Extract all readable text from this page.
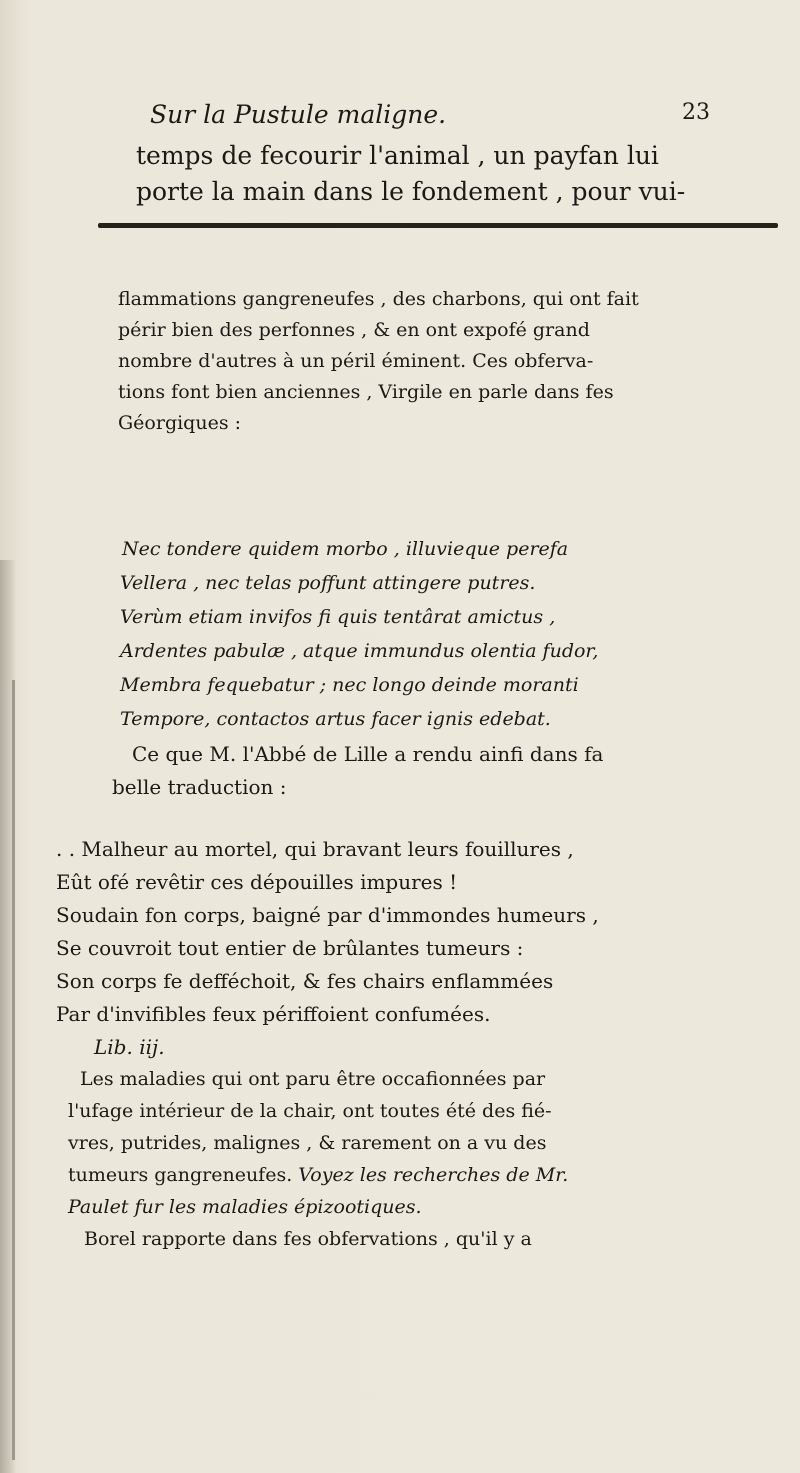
Sur la Pustule maligne.	23
temps de fecourir l'animal , un payfan lui
porte la main dans le fondement , pour vui-
flammations gangreneufes , des charbons, qui ont fait
périr bien des perfonnes , & en ont expofé grand
nombre d'autres à un péril éminent. Ces obferva-
tions font bien anciennes , Virgile en parle dans fes
Géorgiques :
Nec tondere quidem morbo , illuvieque perefa
Vellera , nec telas poffunt attingere putres.
Verùm etiam invifos fi quis tentârat amictus ,
Ardentes pabulæ , atque immundus olentia fudor,
Membra fequebatur ; nec longo deinde moranti
Tempore, contactos artus facer ignis edebat.
Ce que M. l'Abbé de Lille a rendu ainfi dans fa
belle traduction :
. . Malheur au mortel, qui bravant leurs fouillures ,
Eût ofé revêtir ces dépouilles impures !
Soudain fon corps, baigné par d'immondes humeurs ,
Se couvroit tout entier de brûlantes tumeurs :
Son corps fe defféchoit, & fes chairs enflammées
Par d'invifibles feux périffoient confumées.
Lib. iij.
Les maladies qui ont paru être occafionnées par
l'ufage intérieur de la chair, ont toutes été des fié-
vres, putrides, malignes , & rarement on a vu des
tumeurs gangreneufes. Voyez les recherches de Mr.
Paulet fur les maladies épizootiques.
Borel rapporte dans fes obfervations , qu'il y a
